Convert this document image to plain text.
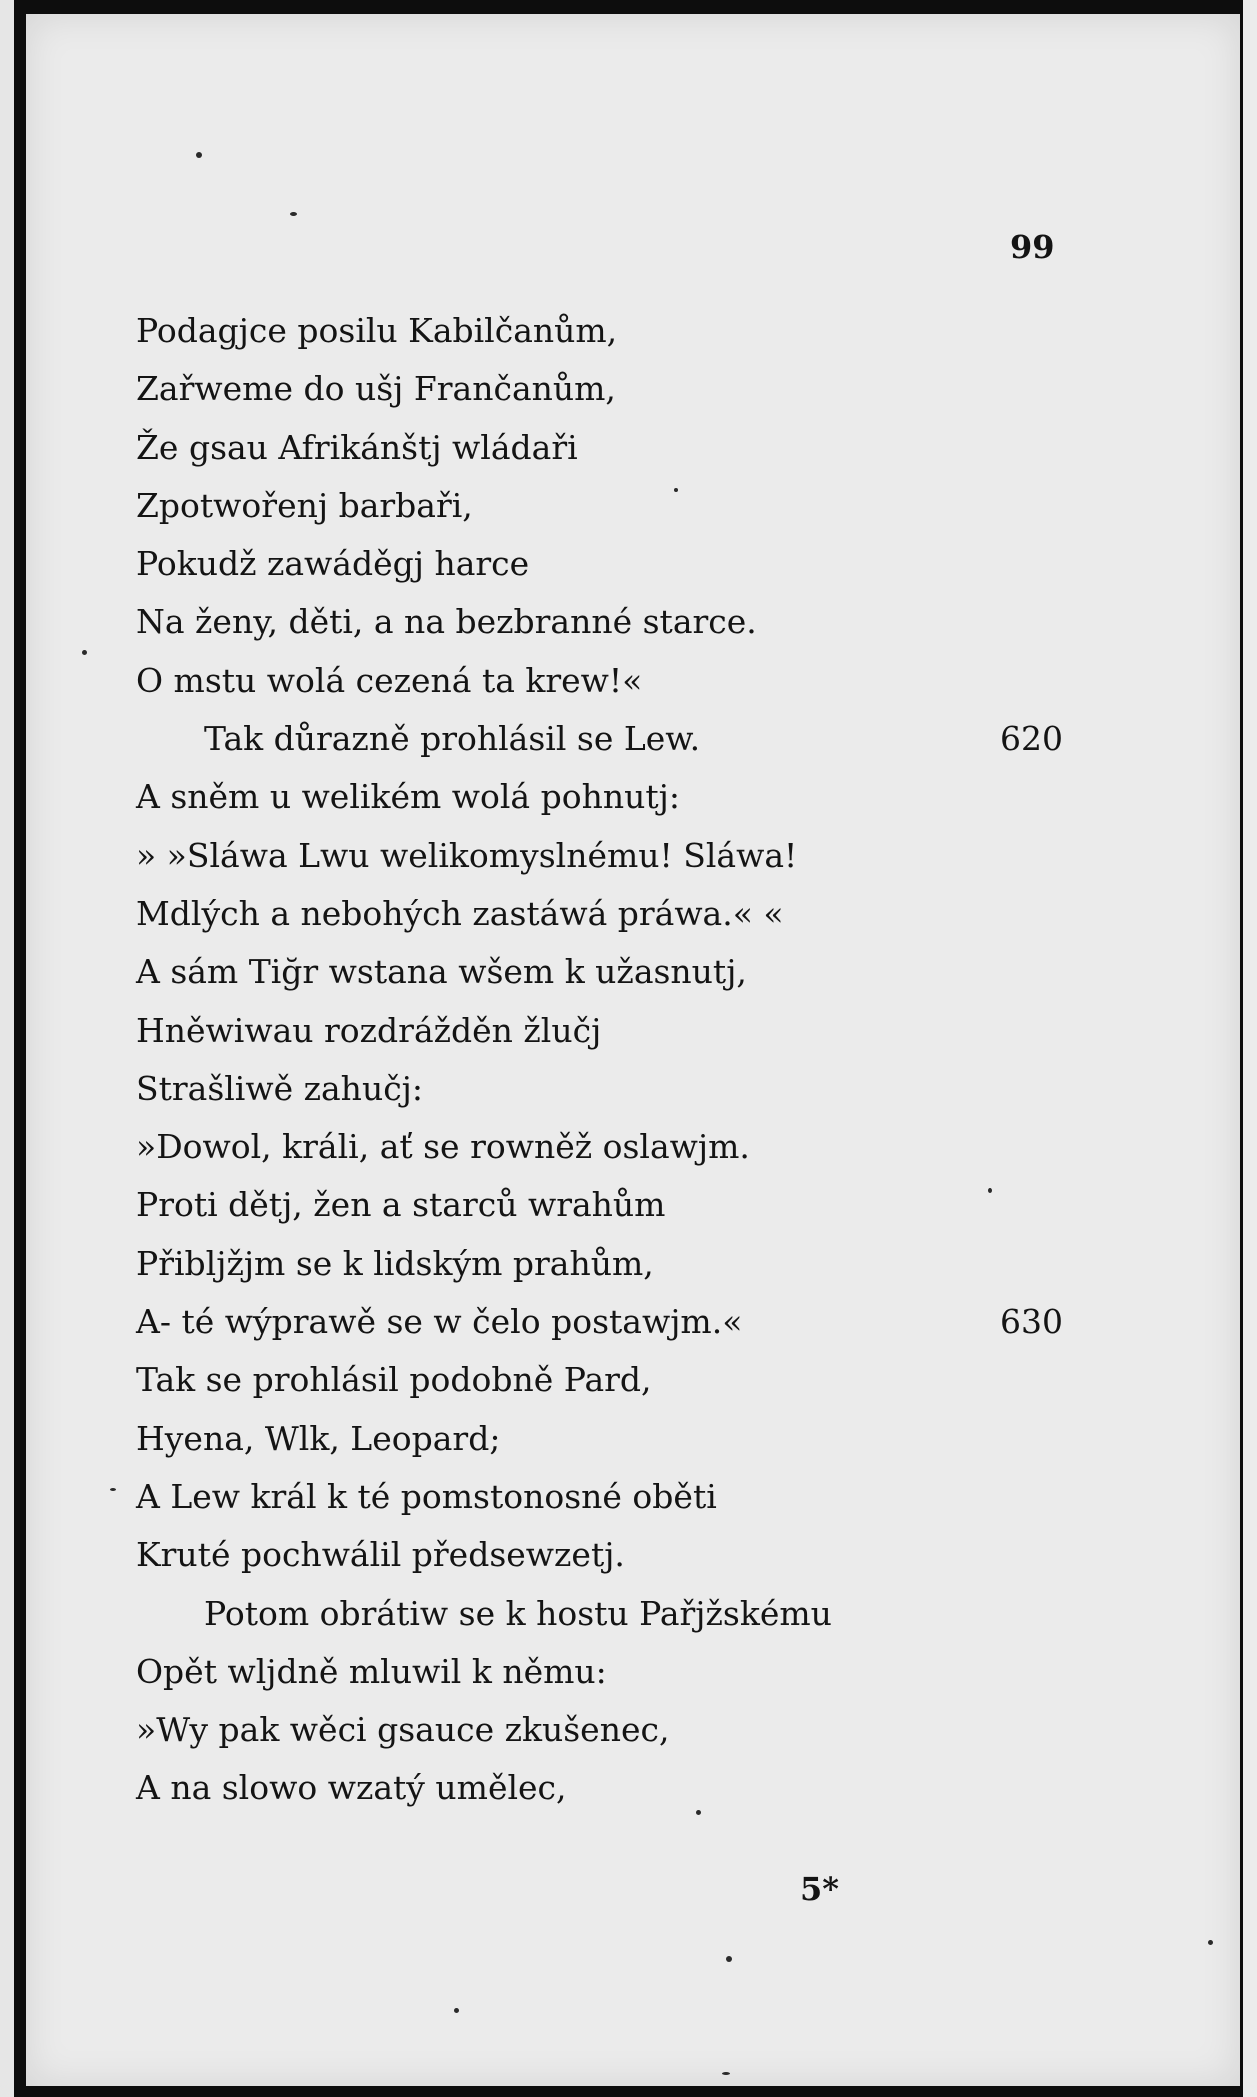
99
Podagjce posilu Kabilčanům,
Zařweme do ušj Frančanům,
Že gsau Afrikánštj wládaři
Zpotwořenj barbaři,
Pokudž zawáděgj harce
Na ženy, děti, a na bezbranné starce.
O mstu wolá cezená ta krew!«
Tak důrazně prohlásil se Lew.	620
A sněm u welikém wolá pohnutj:
» »Sláwa Lwu welikomyslnému! Sláwa!
Mdlých a nebohých zastáwá práwa.« «
A sám Tiğr wstana wšem k užasnutj,
Hněwiwau rozdrážděn žlučj
Strašliwě zahučj:
»Dowol, králi, ať se rowněž oslawjm.
Proti dětj, žen a starců wrahům
Přibljžjm se k lidským prahům,
A- té wýprawě se w čelo postawjm.«	630
Tak se prohlásil podobně Pard,
Hyena, Wlk, Leopard;
A Lew král k té pomstonosné oběti
Kruté pochwálil předsewzetj.
Potom obrátiw se k hostu Pařjžskému
Opět wljdně mluwil k němu:
»Wy pak wěci gsauce zkušenec,
A na slowo wzatý umělec,
5*
